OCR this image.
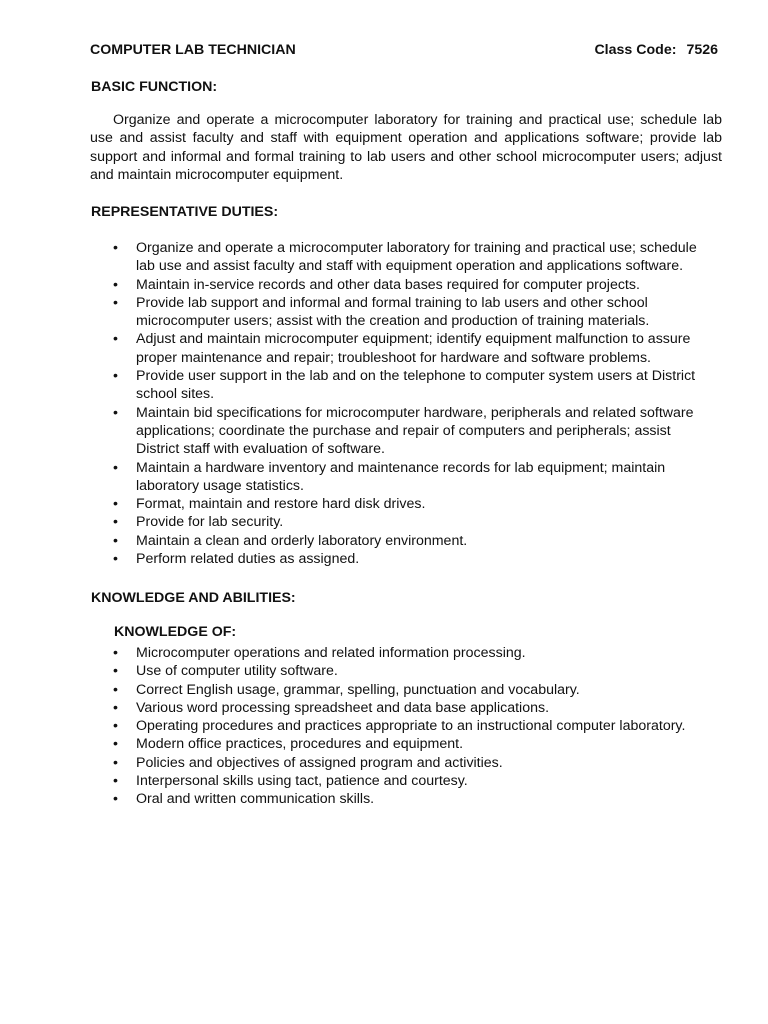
COMPUTER LAB TECHNICIAN	Class Code: 7526
BASIC FUNCTION:

Organize and operate a microcomputer laboratory for training and practical use; schedule lab use and assist faculty and staff with equipment operation and applications software; provide lab support and informal and formal training to lab users and other school microcomputer users; adjust and maintain microcomputer equipment.

REPRESENTATIVE DUTIES:
• Organize and operate a microcomputer laboratory for training and practical use; schedule lab use and assist faculty and staff with equipment operation and applications software.
• Maintain in-service records and other data bases required for computer projects.
• Provide lab support and informal and formal training to lab users and other school microcomputer users; assist with the creation and production of training materials.
• Adjust and maintain microcomputer equipment; identify equipment malfunction to assure proper maintenance and repair; troubleshoot for hardware and software problems.
• Provide user support in the lab and on the telephone to computer system users at District school sites.
• Maintain bid specifications for microcomputer hardware, peripherals and related software applications; coordinate the purchase and repair of computers and peripherals; assist District staff with evaluation of software.
• Maintain a hardware inventory and maintenance records for lab equipment; maintain laboratory usage statistics.
• Format, maintain and restore hard disk drives.
• Provide for lab security.
• Maintain a clean and orderly laboratory environment.
• Perform related duties as assigned.
KNOWLEDGE AND ABILITIES:
KNOWLEDGE OF:
• Microcomputer operations and related information processing.
• Use of computer utility software.
• Correct English usage, grammar, spelling, punctuation and vocabulary.
• Various word processing spreadsheet and data base applications.
• Operating procedures and practices appropriate to an instructional computer laboratory.
• Modern office practices, procedures and equipment.
• Policies and objectives of assigned program and activities.
• Interpersonal skills using tact, patience and courtesy.
• Oral and written communication skills.
